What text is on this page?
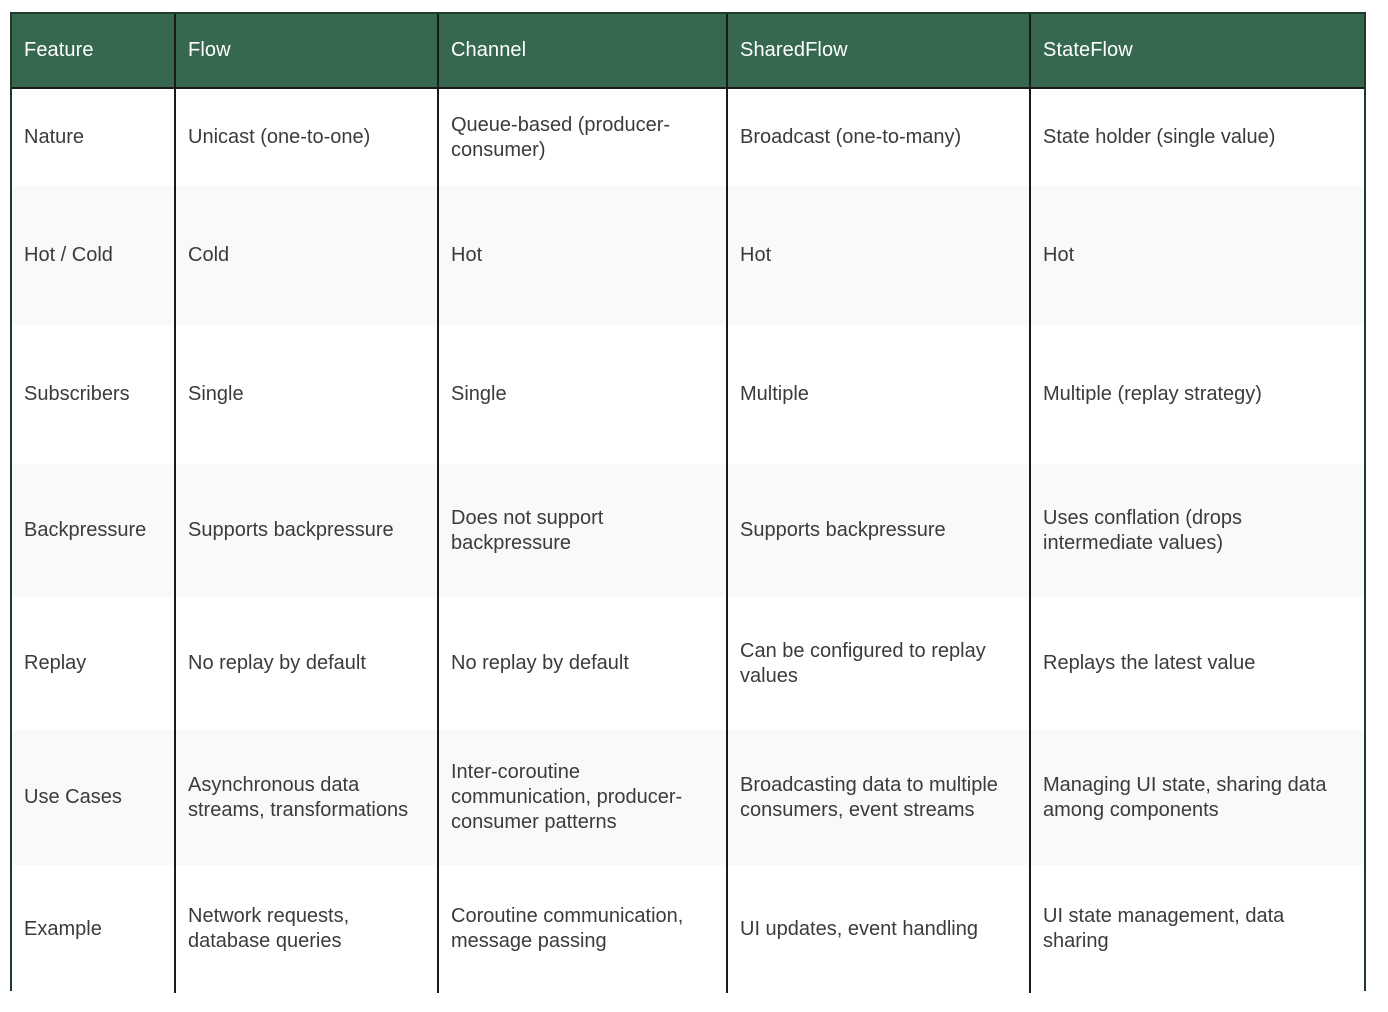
Feature	Flow	Channel	SharedFlow	StateFlow
Nature	Unicast (one-to-one)	Queue-based (producer-consumer)	Broadcast (one-to-many)	State holder (single value)
Hot / Cold	Cold	Hot	Hot	Hot
Subscribers	Single	Single	Multiple	Multiple (replay strategy)
Backpressure	Supports backpressure	Does not support backpressure	Supports backpressure	Uses conflation (drops intermediate values)
Replay	No replay by default	No replay by default	Can be configured to replay values	Replays the latest value
Use Cases	Asynchronous data streams, transformations	Inter-coroutine communication, producer-consumer patterns	Broadcasting data to multiple consumers, event streams	Managing UI state, sharing data among components
Example	Network requests, database queries	Coroutine communication, message passing	UI updates, event handling	UI state management, data sharing
